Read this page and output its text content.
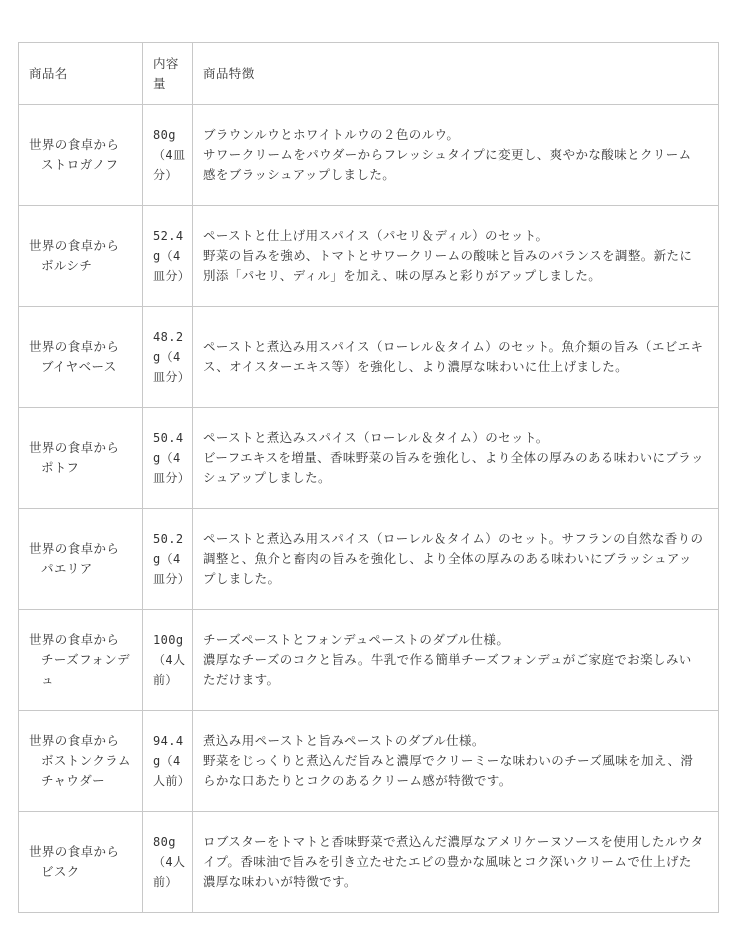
商品名	内容量	商品特徴

世界の食卓から
ストロガノフ	80g（4皿分）	ブラウンルウとホワイトルウの２色のルウ。
サワークリームをパウダーからフレッシュタイプに変更し、爽やかな酸味とクリーム感をブラッシュアップしました。

世界の食卓から
ボルシチ	52.4g（4皿分）	ペーストと仕上げ用スパイス（パセリ＆ディル）のセット。
野菜の旨みを強め、トマトとサワークリームの酸味と旨みのバランスを調整。新たに別添「パセリ、ディル」を加え、味の厚みと彩りがアップしました。

世界の食卓から
ブイヤベース	48.2g（4皿分）	ペーストと煮込み用スパイス（ローレル＆タイム）のセット。魚介類の旨み（エビエキス、オイスターエキス等）を強化し、より濃厚な味わいに仕上げました。

世界の食卓から
ポトフ	50.4g（4皿分）	ペーストと煮込みスパイス（ローレル＆タイム）のセット。
ビーフエキスを増量、香味野菜の旨みを強化し、より全体の厚みのある味わいにブラッシュアップしました。

世界の食卓から
パエリア	50.2g（4皿分）	ペーストと煮込み用スパイス（ローレル＆タイム）のセット。サフランの自然な香りの調整と、魚介と畜肉の旨みを強化し、より全体の厚みのある味わいにブラッシュアップしました。

世界の食卓から
チーズフォンデュ	100g（4人前）	チーズペーストとフォンデュペーストのダブル仕様。
濃厚なチーズのコクと旨み。牛乳で作る簡単チーズフォンデュがご家庭でお楽しみいただけます。

世界の食卓から
ボストンクラムチャウダー	94.4g（4人前）	煮込み用ペーストと旨みペーストのダブル仕様。
野菜をじっくりと煮込んだ旨みと濃厚でクリーミーな味わいのチーズ風味を加え、滑らかな口あたりとコクのあるクリーム感が特徴です。

世界の食卓から
ビスク	80g（4人前）	ロブスターをトマトと香味野菜で煮込んだ濃厚なアメリケーヌソースを使用したルウタイプ。香味油で旨みを引き立たせたエビの豊かな風味とコク深いクリームで仕上げた濃厚な味わいが特徴です。
